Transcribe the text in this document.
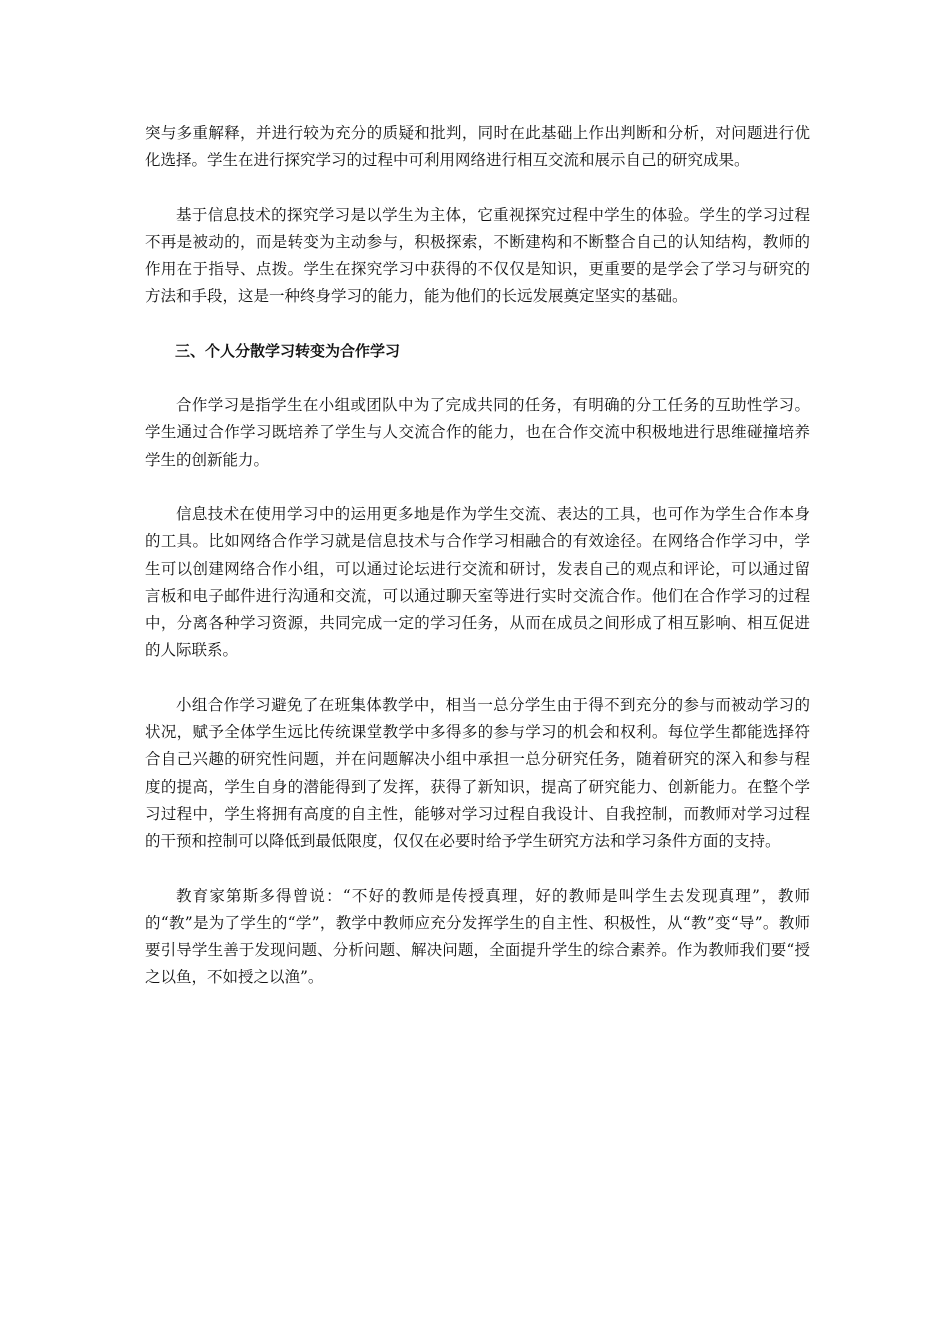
突与多重解释，并进行较为充分的质疑和批判，同时在此基础上作出判断和分析，对问题进行优化选择。学生在进行探究学习的过程中可利用网络进行相互交流和展示自己的研究成果。

基于信息技术的探究学习是以学生为主体，它重视探究过程中学生的体验。学生的学习过程不再是被动的，而是转变为主动参与，积极探索，不断建构和不断整合自己的认知结构，教师的作用在于指导、点拨。学生在探究学习中获得的不仅仅是知识，更重要的是学会了学习与研究的方法和手段，这是一种终身学习的能力，能为他们的长远发展奠定坚实的基础。

三、个人分散学习转变为合作学习

合作学习是指学生在小组或团队中为了完成共同的任务，有明确的分工任务的互助性学习。学生通过合作学习既培养了学生与人交流合作的能力，也在合作交流中积极地进行思维碰撞培养学生的创新能力。

信息技术在使用学习中的运用更多地是作为学生交流、表达的工具，也可作为学生合作本身的工具。比如网络合作学习就是信息技术与合作学习相融合的有效途径。在网络合作学习中，学生可以创建网络合作小组，可以通过论坛进行交流和研讨，发表自己的观点和评论，可以通过留言板和电子邮件进行沟通和交流，可以通过聊天室等进行实时交流合作。他们在合作学习的过程中，分离各种学习资源，共同完成一定的学习任务，从而在成员之间形成了相互影响、相互促进的人际联系。

小组合作学习避免了在班集体教学中，相当一总分学生由于得不到充分的参与而被动学习的状况，赋予全体学生远比传统课堂教学中多得多的参与学习的机会和权利。每位学生都能选择符合自己兴趣的研究性问题，并在问题解决小组中承担一总分研究任务，随着研究的深入和参与程度的提高，学生自身的潜能得到了发挥，获得了新知识，提高了研究能力、创新能力。在整个学习过程中，学生将拥有高度的自主性，能够对学习过程自我设计、自我控制，而教师对学习过程的干预和控制可以降低到最低限度，仅仅在必要时给予学生研究方法和学习条件方面的支持。

教育家第斯多得曾说：“不好的教师是传授真理，好的教师是叫学生去发现真理”，教师的“教”是为了学生的“学”，教学中教师应充分发挥学生的自主性、积极性，从“教”变“导”。教师要引导学生善于发现问题、分析问题、解决问题，全面提升学生的综合素养。作为教师我们要“授之以鱼，不如授之以渔”。
